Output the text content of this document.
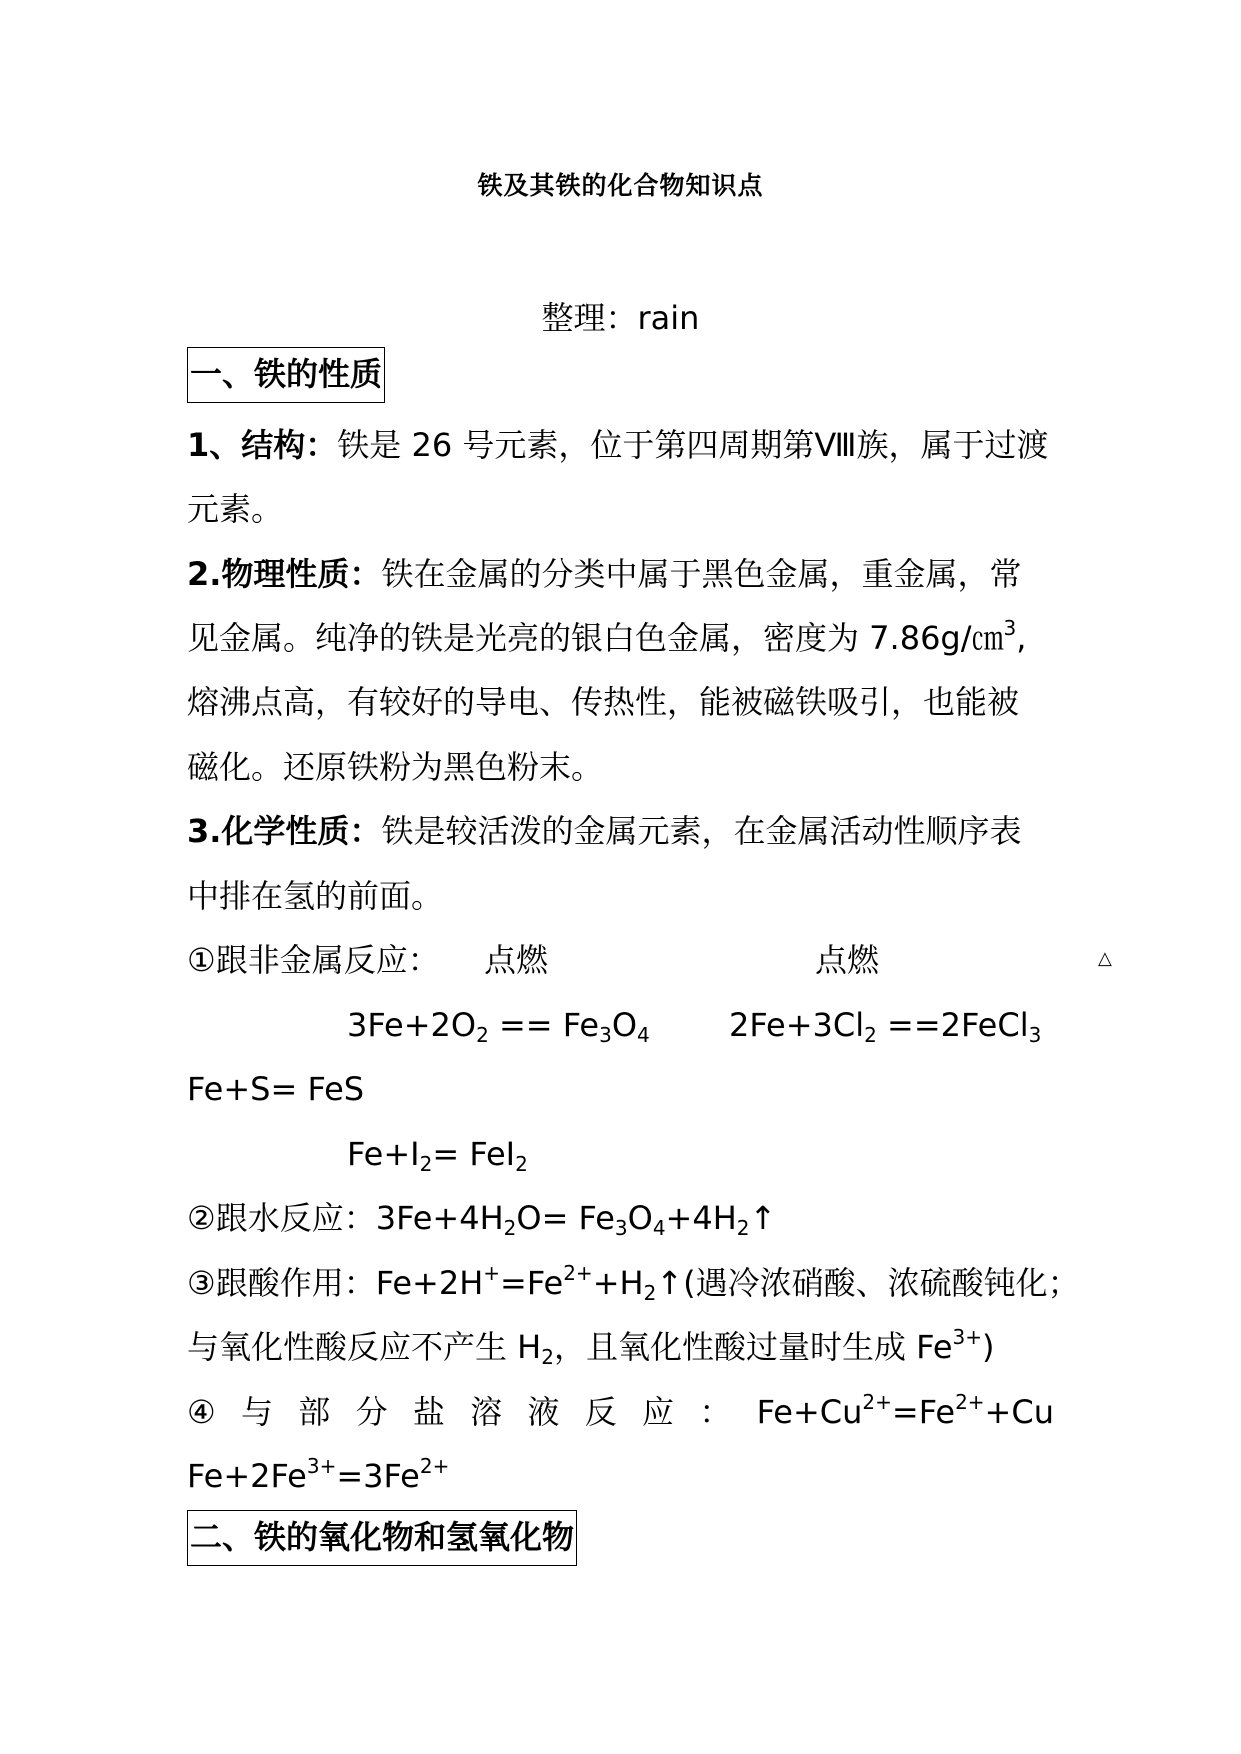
铁及其铁的化合物知识点
整理：rain
一、铁的性质
1、结构：铁是 26 号元素，位于第四周期第Ⅷ族，属于过渡
元素。
2.物理性质：铁在金属的分类中属于黑色金属，重金属，常
见金属。纯净的铁是光亮的银白色金属，密度为 7.86g/㎝$^3$,
熔沸点高，有较好的导电、传热性，能被磁铁吸引，也能被
磁化。还原铁粉为黑色粉末。
3.化学性质：铁是较活泼的金属元素，在金属活动性顺序表
中排在氢的前面。
①跟非金属反应： 点燃	点燃	△
$3Fe+2O_2 == Fe_3O_4$ $2Fe+3Cl_2$ ==2FeCl$_3$
Fe+S= FeS
$Fe+I_2= FeI_2$
②跟水反应：$3Fe+4H_2O=$ $Fe_3O_4+4H_2↑$
③跟酸作用：$Fe+2H^+=Fe^{2+}+H_2↑$(遇冷浓硝酸、浓硫酸钝化；
与氧化性酸反应不产生 $H_2$，且氧化性酸过量时生成 $Fe^{3+}$)
④ 与 部 分 盐 溶 液 反 应 ： $Fe+Cu^{2+}=Fe^{2+}+Cu$
$Fe+2Fe^{3+}=3Fe^{2+}$
二、铁的氧化物和氢氧化物
